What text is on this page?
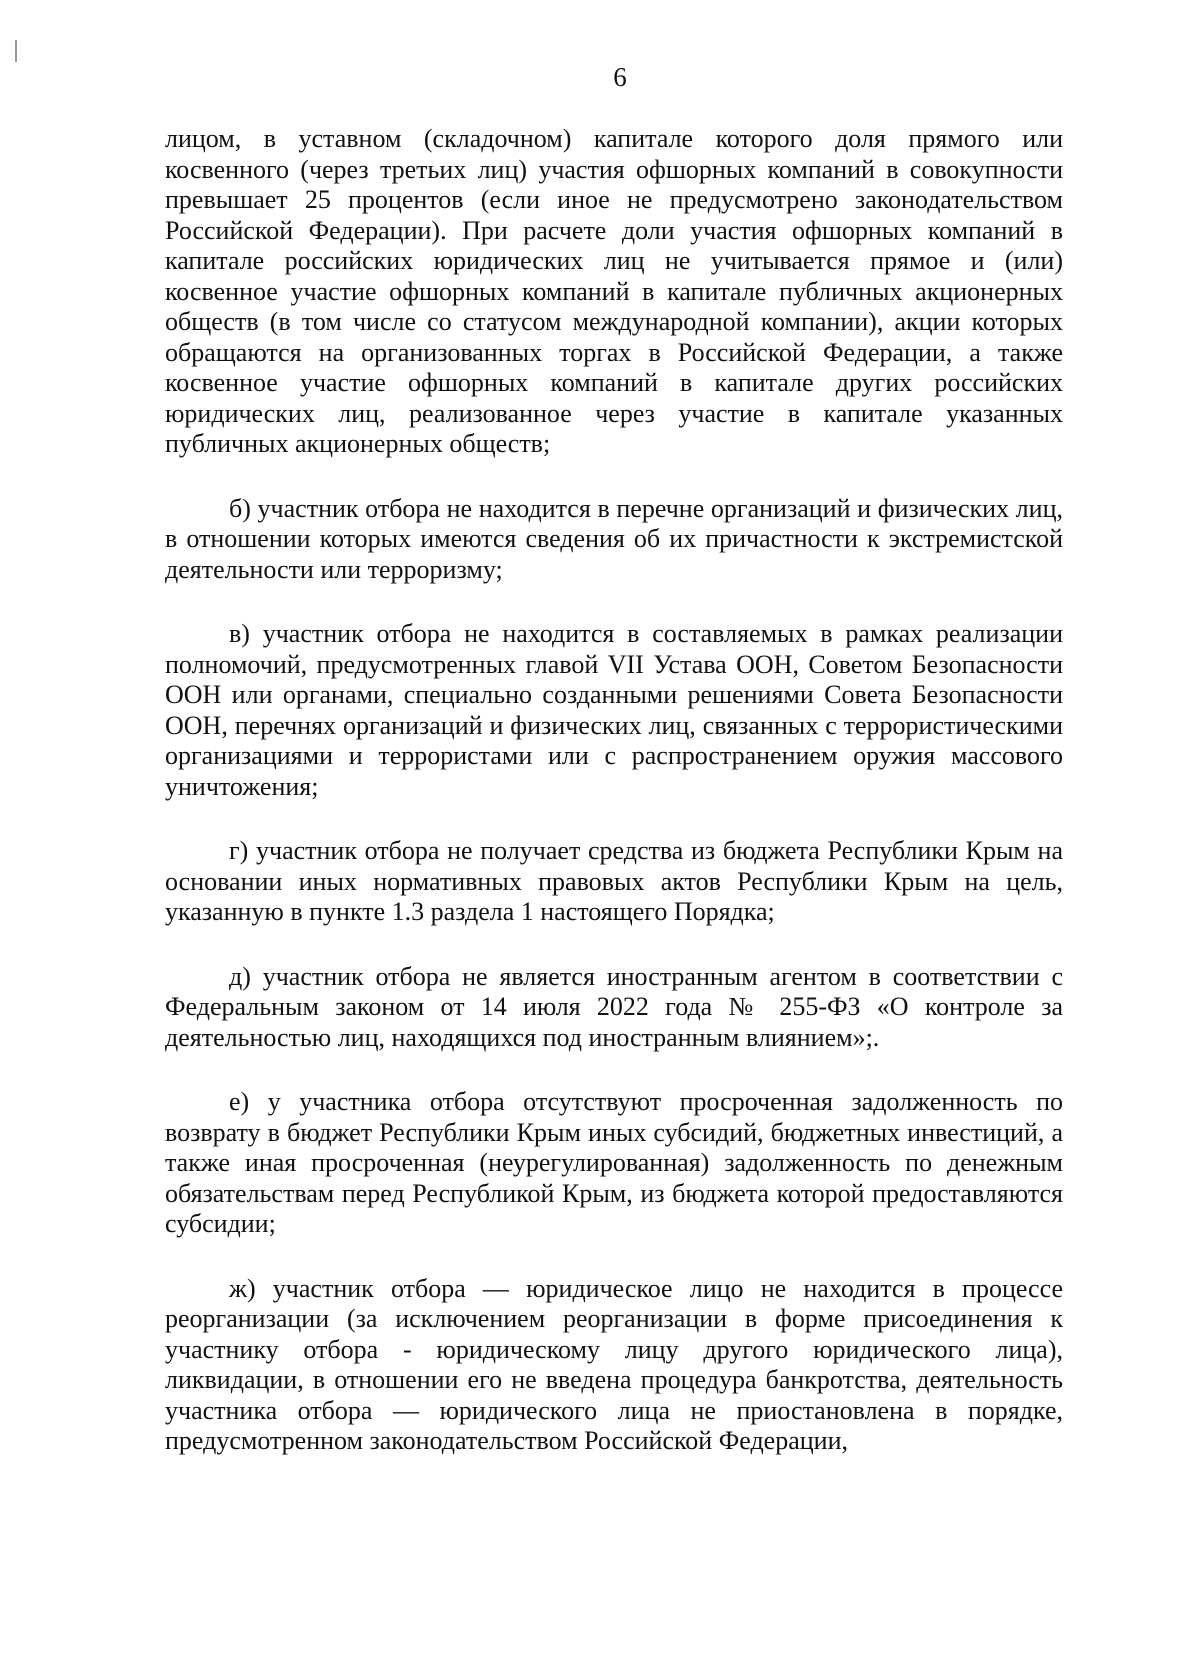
6

лицом, в уставном (складочном) капитале которого доля прямого или косвенного (через третьих лиц) участия офшорных компаний в совокупности превышает 25 процентов (если иное не предусмотрено законодательством Российской Федерации). При расчете доли участия офшорных компаний в капитале российских юридических лиц не учитывается прямое и (или) косвенное участие офшорных компаний в капитале публичных акционерных обществ (в том числе со статусом международной компании), акции которых обращаются на организованных торгах в Российской Федерации, а также косвенное участие офшорных компаний в капитале других российских юридических лиц, реализованное через участие в капитале указанных публичных акционерных обществ;

б) участник отбора не находится в перечне организаций и физических лиц, в отношении которых имеются сведения об их причастности к экстремистской деятельности или терроризму;

в) участник отбора не находится в составляемых в рамках реализации полномочий, предусмотренных главой VII Устава ООН, Советом Безопасности ООН или органами, специально созданными решениями Совета Безопасности ООН, перечнях организаций и физических лиц, связанных с террористическими организациями и террористами или с распространением оружия массового уничтожения;

г) участник отбора не получает средства из бюджета Республики Крым на основании иных нормативных правовых актов Республики Крым на цель, указанную в пункте 1.3 раздела 1 настоящего Порядка;

д) участник отбора не является иностранным агентом в соответствии с Федеральным законом от 14 июля 2022 года № 255-ФЗ «О контроле за деятельностью лиц, находящихся под иностранным влиянием»;.

е) у участника отбора отсутствуют просроченная задолженность по возврату в бюджет Республики Крым иных субсидий, бюджетных инвестиций, а также иная просроченная (неурегулированная) задолженность по денежным обязательствам перед Республикой Крым, из бюджета которой предоставляются субсидии;

ж) участник отбора — юридическое лицо не находится в процессе реорганизации (за исключением реорганизации в форме присоединения к участнику отбора - юридическому лицу другого юридического лица), ликвидации, в отношении его не введена процедура банкротства, деятельность участника отбора — юридического лица не приостановлена в порядке, предусмотренном законодательством Российской Федерации,
